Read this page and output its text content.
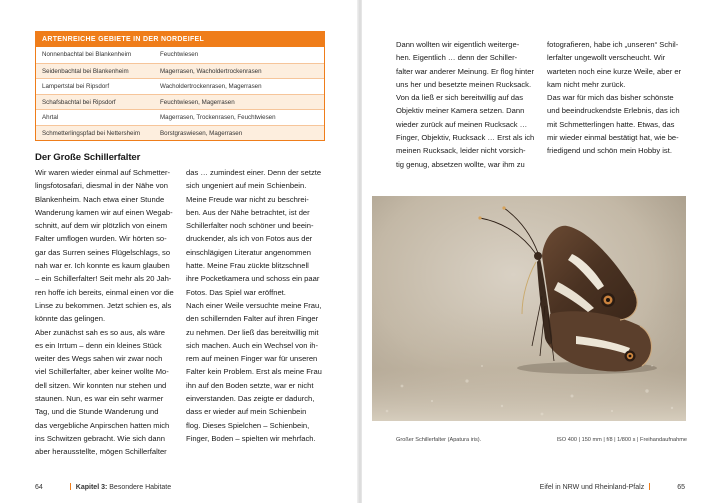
ARTENREICHE GEBIETE IN DER NORDEIFEL
Nonnenbachtal bei Blankenheim	Feuchtwiesen
Seidenbachtal bei Blankenheim	Magerrasen, Wacholdertrockenrasen
Lampertstal bei Ripsdorf	Wacholdertrockenrasen, Magerrasen
Schafsbachtal bei Ripsdorf	Feuchtwiesen, Magerrasen
Ahrtal	Magerrasen, Trockenrasen, Feuchtwiesen
Schmetterlingspfad bei Nettersheim	Borstgraswiesen, Magerrasen
Der Große Schillerfalter
Wir waren wieder einmal auf Schmetter-
lingsfotosafari, diesmal in der Nähe von
Blankenheim. Nach etwa einer Stunde
Wanderung kamen wir auf einen Wegab-
schnitt, auf dem wir plötzlich von einem
Falter umflogen wurden. Wir hörten so-
gar das Surren seines Flügelschlags, so
nah war er. Ich konnte es kaum glauben
– ein Schillerfalter! Seit mehr als 20 Jah-
ren hoffe ich bereits, einmal einen vor die
Linse zu bekommen. Jetzt schien es, als
könnte das gelingen.
Aber zunächst sah es so aus, als wäre
es ein Irrtum – denn ein kleines Stück
weiter des Wegs sahen wir zwar noch
viel Schillerfalter, aber keiner wollte Mo-
dell sitzen. Wir konnten nur stehen und
staunen. Nun, es war ein sehr warmer
Tag, und die Stunde Wanderung und
das vergebliche Anpirschen hatten mich
ins Schwitzen gebracht. Wie sich dann
aber herausstellte, mögen Schillerfalter
das … zumindest einer. Denn der setzte
sich ungeniert auf mein Schienbein.
Meine Freude war nicht zu beschrei-
ben. Aus der Nähe betrachtet, ist der
Schillerfalter noch schöner und beein-
druckender, als ich von Fotos aus der
einschlägigen Literatur angenommen
hatte. Meine Frau zückte blitzschnell
ihre Pocketkamera und schoss ein paar
Fotos. Das Spiel war eröffnet.
Nach einer Weile versuchte meine Frau,
den schillernden Falter auf ihren Finger
zu nehmen. Der ließ das bereitwillig mit
sich machen. Auch ein Wechsel von ih-
rem auf meinen Finger war für unseren
Falter kein Problem. Erst als meine Frau
ihn auf den Boden setzte, war er nicht
einverstanden. Das zeigte er dadurch,
dass er wieder auf mein Schienbein
flog. Dieses Spielchen – Schienbein,
Finger, Boden – spielten wir mehrfach.
64	Kapitel 3: Besondere Habitate
Dann wollten wir eigentlich weiterge-
hen. Eigentlich … denn der Schiller-
falter war anderer Meinung. Er flog hinter
uns her und besetzte meinen Rucksack.
Von da ließ er sich bereitwillig auf das
Objektiv meiner Kamera setzen. Dann
wieder zurück auf meinen Rucksack …
Finger, Objektiv, Rucksack … Erst als ich
meinen Rucksack, leider nicht vorsich-
tig genug, absetzen wollte, war ihm zu
fotografieren, habe ich „unseren“ Schil-
lerfalter ungewollt verscheucht. Wir
warteten noch eine kurze Weile, aber er
kam nicht mehr zurück.
Das war für mich das bisher schönste
und beeindruckendste Erlebnis, das ich
mit Schmetterlingen hatte. Etwas, das
mir wieder einmal bestätigt hat, wie be-
friedigend und schön mein Hobby ist.
Großer Schillerfalter (Apatura iris).	ISO 400 | 150 mm | f/8 | 1/800 s | Freihandaufnahme
Eifel in NRW und Rheinland-Pfalz	65
